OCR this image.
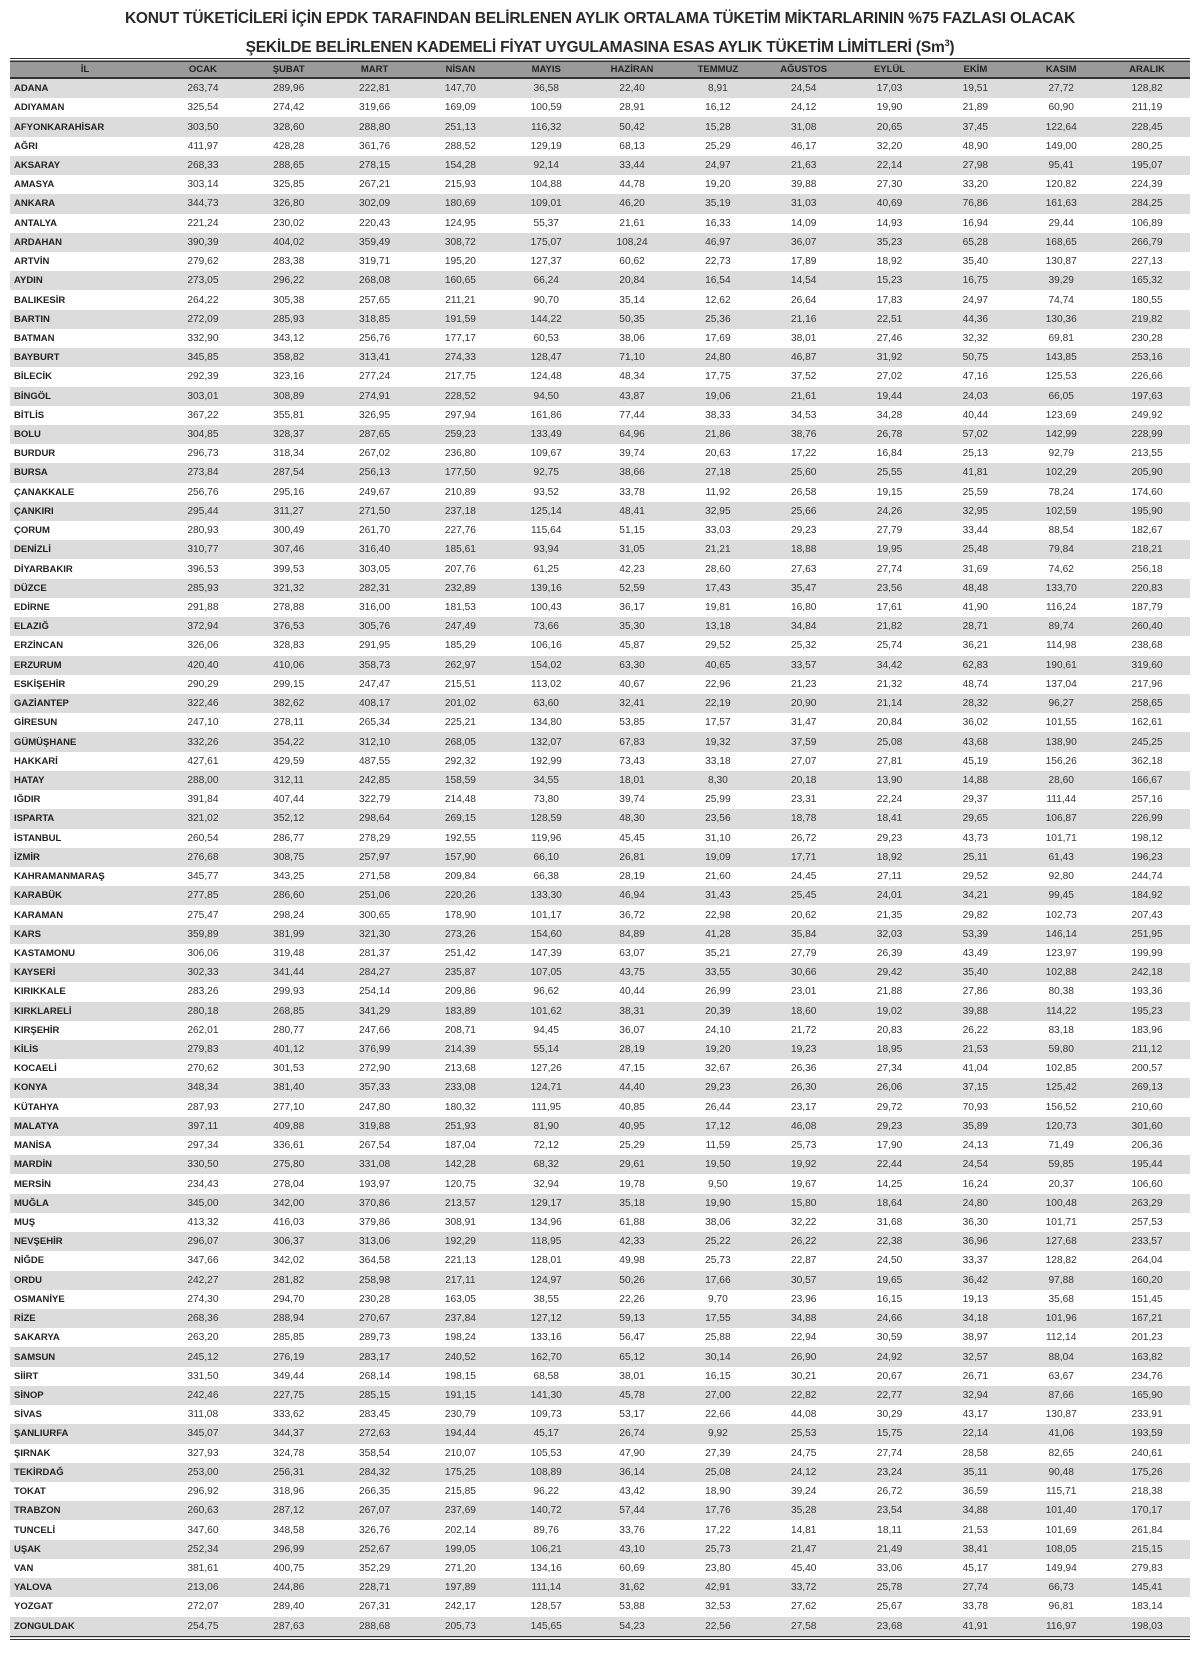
KONUT TÜKETİCİLERİ İÇİN EPDK TARAFINDAN BELİRLENEN AYLIK ORTALAMA TÜKETİM MİKTARLARININ %75 FAZLASI OLACAK
ŞEKİLDE BELİRLENEN KADEMELİ FİYAT UYGULAMASINA ESAS AYLIK TÜKETİM LİMİTLERİ (Sm$^3$)
İL	OCAK	ŞUBAT	MART	NİSAN	MAYIS	HAZİRAN	TEMMUZ	AĞUSTOS	EYLÜL	EKİM	KASIM	ARALIK
ADANA	263,74	289,96	222,81	147,70	36,58	22,40	8,91	24,54	17,03	19,51	27,72	128,82
ADIYAMAN	325,54	274,42	319,66	169,09	100,59	28,91	16,12	24,12	19,90	21,89	60,90	211,19
AFYONKARAHİSAR	303,50	328,60	288,80	251,13	116,32	50,42	15,28	31,08	20,65	37,45	122,64	228,45
AĞRI	411,97	428,28	361,76	288,52	129,19	68,13	25,29	46,17	32,20	48,90	149,00	280,25
AKSARAY	268,33	288,65	278,15	154,28	92,14	33,44	24,97	21,63	22,14	27,98	95,41	195,07
AMASYA	303,14	325,85	267,21	215,93	104,88	44,78	19,20	39,88	27,30	33,20	120,82	224,39
ANKARA	344,73	326,80	302,09	180,69	109,01	46,20	35,19	31,03	40,69	76,86	161,63	284,25
ANTALYA	221,24	230,02	220,43	124,95	55,37	21,61	16,33	14,09	14,93	16,94	29,44	106,89
ARDAHAN	390,39	404,02	359,49	308,72	175,07	108,24	46,97	36,07	35,23	65,28	168,65	266,79
ARTVİN	279,62	283,38	319,71	195,20	127,37	60,62	22,73	17,89	18,92	35,40	130,87	227,13
AYDIN	273,05	296,22	268,08	160,65	66,24	20,84	16,54	14,54	15,23	16,75	39,29	165,32
BALIKESİR	264,22	305,38	257,65	211,21	90,70	35,14	12,62	26,64	17,83	24,97	74,74	180,55
BARTIN	272,09	285,93	318,85	191,59	144,22	50,35	25,36	21,16	22,51	44,36	130,36	219,82
BATMAN	332,90	343,12	256,76	177,17	60,53	38,06	17,69	38,01	27,46	32,32	69,81	230,28
BAYBURT	345,85	358,82	313,41	274,33	128,47	71,10	24,80	46,87	31,92	50,75	143,85	253,16
BİLECİK	292,39	323,16	277,24	217,75	124,48	48,34	17,75	37,52	27,02	47,16	125,53	226,66
BİNGÖL	303,01	308,89	274,91	228,52	94,50	43,87	19,06	21,61	19,44	24,03	66,05	197,63
BİTLİS	367,22	355,81	326,95	297,94	161,86	77,44	38,33	34,53	34,28	40,44	123,69	249,92
BOLU	304,85	328,37	287,65	259,23	133,49	64,96	21,86	38,76	26,78	57,02	142,99	228,99
BURDUR	296,73	318,34	267,02	236,80	109,67	39,74	20,63	17,22	16,84	25,13	92,79	213,55
BURSA	273,84	287,54	256,13	177,50	92,75	38,66	27,18	25,60	25,55	41,81	102,29	205,90
ÇANAKKALE	256,76	295,16	249,67	210,89	93,52	33,78	11,92	26,58	19,15	25,59	78,24	174,60
ÇANKIRI	295,44	311,27	271,50	237,18	125,14	48,41	32,95	25,66	24,26	32,95	102,59	195,90
ÇORUM	280,93	300,49	261,70	227,76	115,64	51,15	33,03	29,23	27,79	33,44	88,54	182,67
DENİZLİ	310,77	307,46	316,40	185,61	93,94	31,05	21,21	18,88	19,95	25,48	79,84	218,21
DİYARBAKIR	396,53	399,53	303,05	207,76	61,25	42,23	28,60	27,63	27,74	31,69	74,62	256,18
DÜZCE	285,93	321,32	282,31	232,89	139,16	52,59	17,43	35,47	23,56	48,48	133,70	220,83
EDİRNE	291,88	278,88	316,00	181,53	100,43	36,17	19,81	16,80	17,61	41,90	116,24	187,79
ELAZIĞ	372,94	376,53	305,76	247,49	73,66	35,30	13,18	34,84	21,82	28,71	89,74	260,40
ERZİNCAN	326,06	328,83	291,95	185,29	106,16	45,87	29,52	25,32	25,74	36,21	114,98	238,68
ERZURUM	420,40	410,06	358,73	262,97	154,02	63,30	40,65	33,57	34,42	62,83	190,61	319,60
ESKİŞEHİR	290,29	299,15	247,47	215,51	113,02	40,67	22,96	21,23	21,32	48,74	137,04	217,96
GAZİANTEP	322,46	382,62	408,17	201,02	63,60	32,41	22,19	20,90	21,14	28,32	96,27	258,65
GİRESUN	247,10	278,11	265,34	225,21	134,80	53,85	17,57	31,47	20,84	36,02	101,55	162,61
GÜMÜŞHANE	332,26	354,22	312,10	268,05	132,07	67,83	19,32	37,59	25,08	43,68	138,90	245,25
HAKKARİ	427,61	429,59	487,55	292,32	192,99	73,43	33,18	27,07	27,81	45,19	156,26	362,18
HATAY	288,00	312,11	242,85	158,59	34,55	18,01	8,30	20,18	13,90	14,88	28,60	166,67
IĞDIR	391,84	407,44	322,79	214,48	73,80	39,74	25,99	23,31	22,24	29,37	111,44	257,16
ISPARTA	321,02	352,12	298,64	269,15	128,59	48,30	23,56	18,78	18,41	29,65	106,87	226,99
İSTANBUL	260,54	286,77	278,29	192,55	119,96	45,45	31,10	26,72	29,23	43,73	101,71	198,12
İZMİR	276,68	308,75	257,97	157,90	66,10	26,81	19,09	17,71	18,92	25,11	61,43	196,23
KAHRAMANMARAŞ	345,77	343,25	271,58	209,84	66,38	28,19	21,60	24,45	27,11	29,52	92,80	244,74
KARABÜK	277,85	286,60	251,06	220,26	133,30	46,94	31,43	25,45	24,01	34,21	99,45	184,92
KARAMAN	275,47	298,24	300,65	178,90	101,17	36,72	22,98	20,62	21,35	29,82	102,73	207,43
KARS	359,89	381,99	321,30	273,26	154,60	84,89	41,28	35,84	32,03	53,39	146,14	251,95
KASTAMONU	306,06	319,48	281,37	251,42	147,39	63,07	35,21	27,79	26,39	43,49	123,97	199,99
KAYSERİ	302,33	341,44	284,27	235,87	107,05	43,75	33,55	30,66	29,42	35,40	102,88	242,18
KIRIKKALE	283,26	299,93	254,14	209,86	96,62	40,44	26,99	23,01	21,88	27,86	80,38	193,36
KIRKLARELİ	280,18	268,85	341,29	183,89	101,62	38,31	20,39	18,60	19,02	39,88	114,22	195,23
KIRŞEHİR	262,01	280,77	247,66	208,71	94,45	36,07	24,10	21,72	20,83	26,22	83,18	183,96
KİLİS	279,83	401,12	376,99	214,39	55,14	28,19	19,20	19,23	18,95	21,53	59,80	211,12
KOCAELİ	270,62	301,53	272,90	213,68	127,26	47,15	32,67	26,36	27,34	41,04	102,85	200,57
KONYA	348,34	381,40	357,33	233,08	124,71	44,40	29,23	26,30	26,06	37,15	125,42	269,13
KÜTAHYA	287,93	277,10	247,80	180,32	111,95	40,85	26,44	23,17	29,72	70,93	156,52	210,60
MALATYA	397,11	409,88	319,88	251,93	81,90	40,95	17,12	46,08	29,23	35,89	120,73	301,60
MANİSA	297,34	336,61	267,54	187,04	72,12	25,29	11,59	25,73	17,90	24,13	71,49	206,36
MARDİN	330,50	275,80	331,08	142,28	68,32	29,61	19,50	19,92	22,44	24,54	59,85	195,44
MERSİN	234,43	278,04	193,97	120,75	32,94	19,78	9,50	19,67	14,25	16,24	20,37	106,60
MUĞLA	345,00	342,00	370,86	213,57	129,17	35,18	19,90	15,80	18,64	24,80	100,48	263,29
MUŞ	413,32	416,03	379,86	308,91	134,96	61,88	38,06	32,22	31,68	36,30	101,71	257,53
NEVŞEHİR	296,07	306,37	313,06	192,29	118,95	42,33	25,22	26,22	22,38	36,96	127,68	233,57
NİĞDE	347,66	342,02	364,58	221,13	128,01	49,98	25,73	22,87	24,50	33,37	128,82	264,04
ORDU	242,27	281,82	258,98	217,11	124,97	50,26	17,66	30,57	19,65	36,42	97,88	160,20
OSMANİYE	274,30	294,70	230,28	163,05	38,55	22,26	9,70	23,96	16,15	19,13	35,68	151,45
RİZE	268,36	288,94	270,67	237,84	127,12	59,13	17,55	34,88	24,66	34,18	101,96	167,21
SAKARYA	263,20	285,85	289,73	198,24	133,16	56,47	25,88	22,94	30,59	38,97	112,14	201,23
SAMSUN	245,12	276,19	283,17	240,52	162,70	65,12	30,14	26,90	24,92	32,57	88,04	163,82
SİİRT	331,50	349,44	268,14	198,15	68,58	38,01	16,15	30,21	20,67	26,71	63,67	234,76
SİNOP	242,46	227,75	285,15	191,15	141,30	45,78	27,00	22,82	22,77	32,94	87,66	165,90
SİVAS	311,08	333,62	283,45	230,79	109,73	53,17	22,66	44,08	30,29	43,17	130,87	233,91
ŞANLIURFA	345,07	344,37	272,63	194,44	45,17	26,74	9,92	25,53	15,75	22,14	41,06	193,59
ŞIRNAK	327,93	324,78	358,54	210,07	105,53	47,90	27,39	24,75	27,74	28,58	82,65	240,61
TEKİRDAĞ	253,00	256,31	284,32	175,25	108,89	36,14	25,08	24,12	23,24	35,11	90,48	175,26
TOKAT	296,92	318,96	266,35	215,85	96,22	43,42	18,90	39,24	26,72	36,59	115,71	218,38
TRABZON	260,63	287,12	267,07	237,69	140,72	57,44	17,76	35,28	23,54	34,88	101,40	170,17
TUNCELİ	347,60	348,58	326,76	202,14	89,76	33,76	17,22	14,81	18,11	21,53	101,69	261,84
UŞAK	252,34	296,99	252,67	199,05	106,21	43,10	25,73	21,47	21,49	38,41	108,05	215,15
VAN	381,61	400,75	352,29	271,20	134,16	60,69	23,80	45,40	33,06	45,17	149,94	279,83
YALOVA	213,06	244,86	228,71	197,89	111,14	31,62	42,91	33,72	25,78	27,74	66,73	145,41
YOZGAT	272,07	289,40	267,31	242,17	128,57	53,88	32,53	27,62	25,67	33,78	96,81	183,14
ZONGULDAK	254,75	287,63	288,68	205,73	145,65	54,23	22,56	27,58	23,68	41,91	116,97	198,03
